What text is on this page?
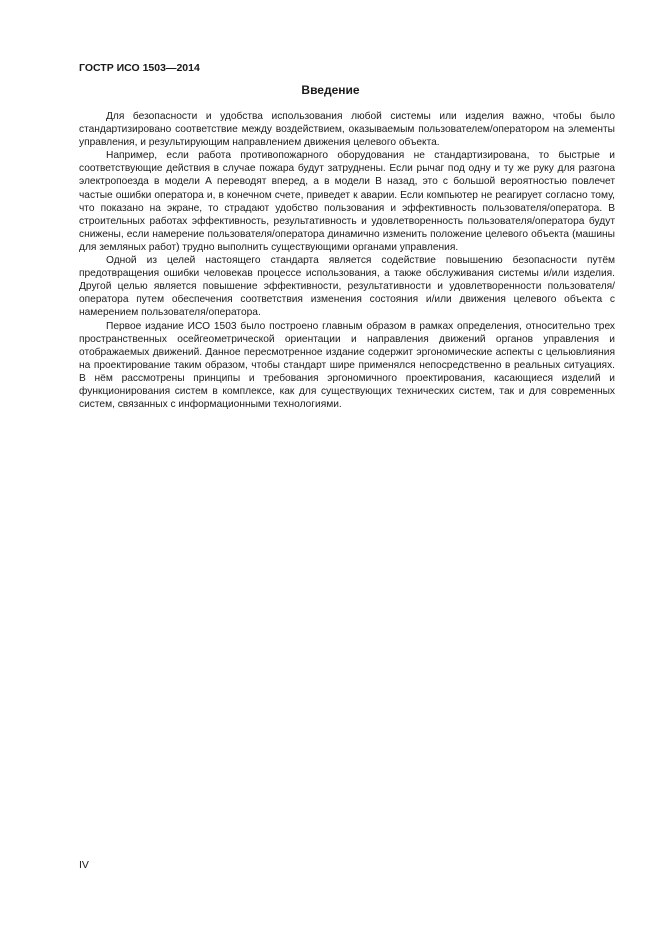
ГОСТР ИСО 1503—2014
Введение

Для безопасности и удобства использования любой системы или изделия важно, чтобы было стандартизировано соответствие между воздействием, оказываемым пользователем/оператором на элементы управления, и результирующим направлением движения целевого объекта.

Например, если работа противопожарного оборудования не стандартизирована, то быстрые и соответствующие действия в случае пожара будут затруднены. Если рычаг под одну и ту же руку для разгона электропоезда в модели А переводят вперед, а в модели В назад, это с большой вероятностью повлечет частые ошибки оператора и, в конечном счете, приведет к аварии. Если компьютер не реагирует согласно тому, что показано на экране, то страдают удобство пользования и эффективность пользователя/оператора. В строительных работах эффективность, результативность и удовлетворенность пользователя/оператора будут снижены, если намерение пользователя/оператора динамично изменить положение целевого объекта (машины для земляных работ) трудно выполнить существующими органами управления.

Одной из целей настоящего стандарта является содействие повышению безопасности путём предотвращения ошибки человекав процессе использования, а также обслуживания системы и/или изделия. Другой целью является повышение эффективности, результативности и удовлетворенности пользователя/оператора путем обеспечения соответствия изменения состояния и/или движения целевого объекта с намерением пользователя/оператора.

Первое издание ИСО 1503 было построено главным образом в рамках определения, относительно трех пространственных осейгеометрической ориентации и направления движений органов управления и отображаемых движений. Данное пересмотренное издание содержит эргономические аспекты с цельювлияния на проектирование таким образом, чтобы стандарт шире применялся непосредственно в реальных ситуациях. В нём рассмотрены принципы и требования эргономичного проектирования, касающиеся изделий и функционирования систем в комплексе, как для существующих технических систем, так и для современных систем, связанных с информационными технологиями.

IV
